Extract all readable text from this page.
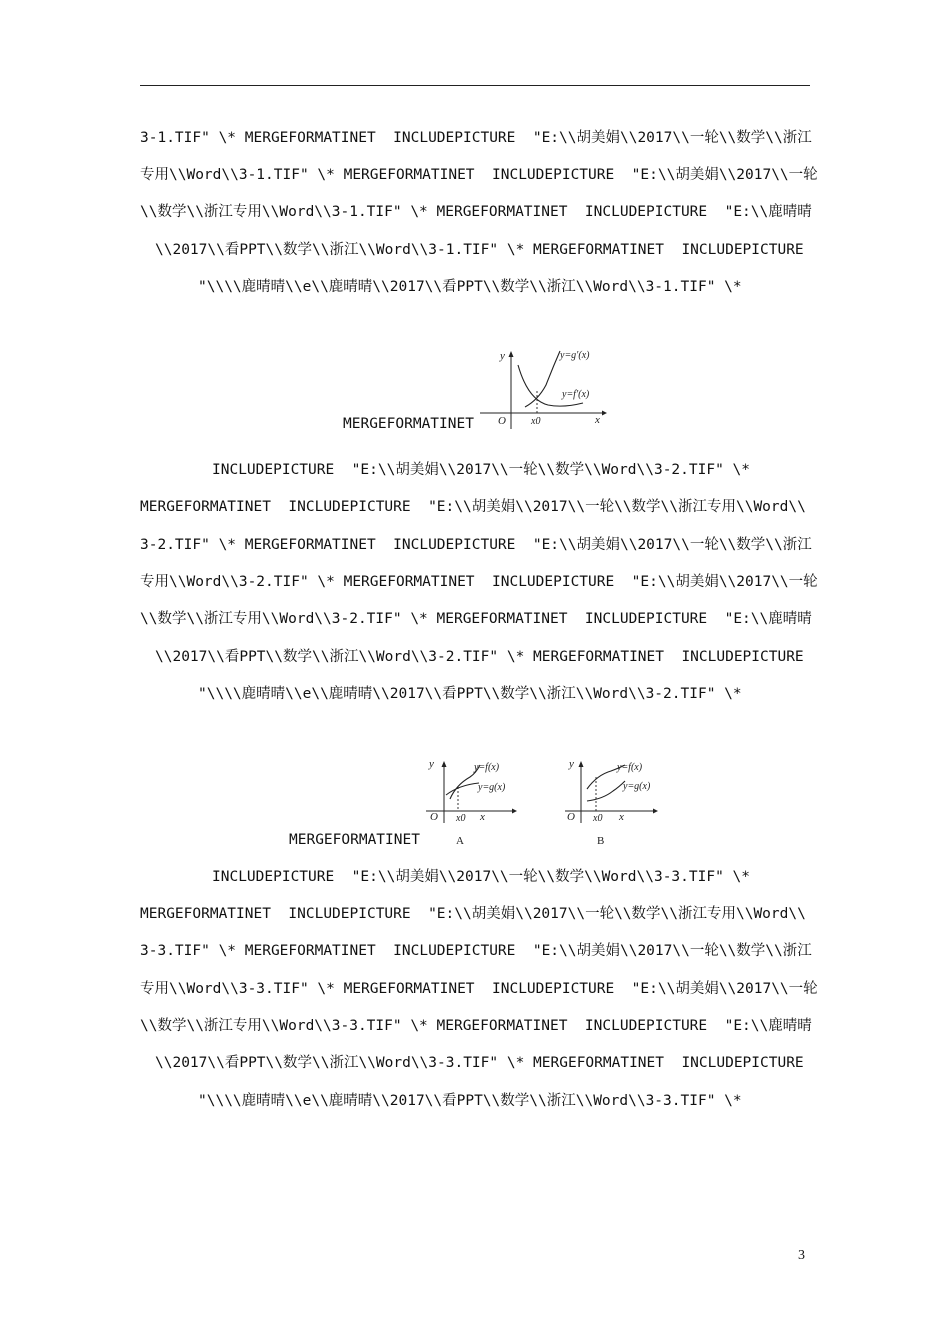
3-1.TIF" \* MERGEFORMATINET  INCLUDEPICTURE  "E:\\胡美娟\\2017\\一轮\\数学\\浙江
专用\\Word\\3-1.TIF" \* MERGEFORMATINET  INCLUDEPICTURE  "E:\\胡美娟\\2017\\一轮
\\数学\\浙江专用\\Word\\3-1.TIF" \* MERGEFORMATINET  INCLUDEPICTURE  "E:\\鹿晴晴
\\2017\\看PPT\\数学\\浙江\\Word\\3-1.TIF" \* MERGEFORMATINET  INCLUDEPICTURE
"\\\\鹿晴晴\\e\\鹿晴晴\\2017\\看PPT\\数学\\浙江\\Word\\3-1.TIF" \*
MERGEFORMATINET
y
x
O	x0
y=g′(x)
y=f′(x)
INCLUDEPICTURE  "E:\\胡美娟\\2017\\一轮\\数学\\Word\\3-2.TIF" \*
MERGEFORMATINET  INCLUDEPICTURE  "E:\\胡美娟\\2017\\一轮\\数学\\浙江专用\\Word\\
3-2.TIF" \* MERGEFORMATINET  INCLUDEPICTURE  "E:\\胡美娟\\2017\\一轮\\数学\\浙江
专用\\Word\\3-2.TIF" \* MERGEFORMATINET  INCLUDEPICTURE  "E:\\胡美娟\\2017\\一轮
\\数学\\浙江专用\\Word\\3-2.TIF" \* MERGEFORMATINET  INCLUDEPICTURE  "E:\\鹿晴晴
\\2017\\看PPT\\数学\\浙江\\Word\\3-2.TIF" \* MERGEFORMATINET  INCLUDEPICTURE
"\\\\鹿晴晴\\e\\鹿晴晴\\2017\\看PPT\\数学\\浙江\\Word\\3-2.TIF" \*
MERGEFORMATINET
y
x
O x0
y=f(x)
y=g(x)
A
y
x
O x0
y=f(x)
y=g(x)
B
INCLUDEPICTURE  "E:\\胡美娟\\2017\\一轮\\数学\\Word\\3-3.TIF" \*
MERGEFORMATINET  INCLUDEPICTURE  "E:\\胡美娟\\2017\\一轮\\数学\\浙江专用\\Word\\
3-3.TIF" \* MERGEFORMATINET  INCLUDEPICTURE  "E:\\胡美娟\\2017\\一轮\\数学\\浙江
专用\\Word\\3-3.TIF" \* MERGEFORMATINET  INCLUDEPICTURE  "E:\\胡美娟\\2017\\一轮
\\数学\\浙江专用\\Word\\3-3.TIF" \* MERGEFORMATINET  INCLUDEPICTURE  "E:\\鹿晴晴
\\2017\\看PPT\\数学\\浙江\\Word\\3-3.TIF" \* MERGEFORMATINET  INCLUDEPICTURE
"\\\\鹿晴晴\\e\\鹿晴晴\\2017\\看PPT\\数学\\浙江\\Word\\3-3.TIF" \*
3
